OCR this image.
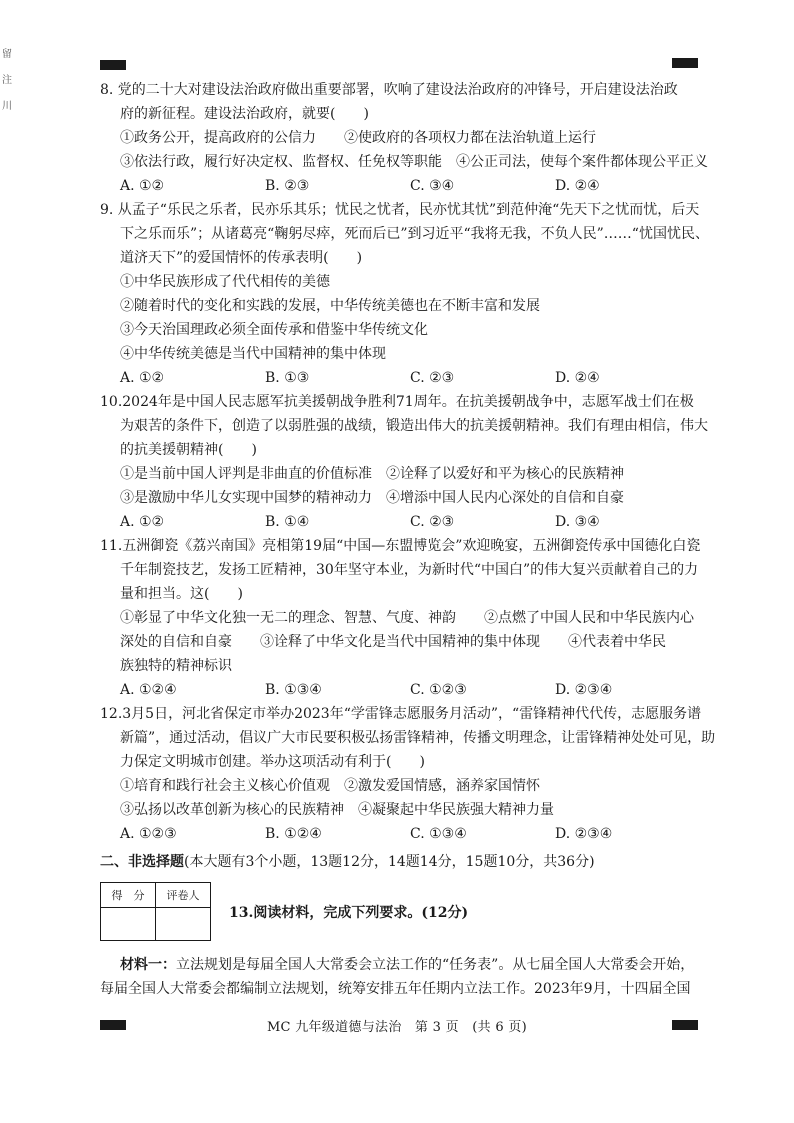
留
注
川
8. 党的二十大对建设法治政府做出重要部署，吹响了建设法治政府的冲锋号，开启建设法治政
府的新征程。建设法治政府，就要(　　)
①政务公开，提高政府的公信力　　②使政府的各项权力都在法治轨道上运行
③依法行政，履行好决定权、监督权、任免权等职能　④公正司法，使每个案件都体现公平正义
A. ①②	B. ②③	C. ③④	D. ②④
9. 从孟子“乐民之乐者，民亦乐其乐；忧民之忧者，民亦忧其忧”到范仲淹“先天下之忧而忧，后天
下之乐而乐”；从诸葛亮“鞠躬尽瘁，死而后已”到习近平“我将无我，不负人民”……“忧国忧民、
道济天下”的爱国情怀的传承表明(　　)
①中华民族形成了代代相传的美德
②随着时代的变化和实践的发展，中华传统美德也在不断丰富和发展
③今天治国理政必须全面传承和借鉴中华传统文化
④中华传统美德是当代中国精神的集中体现
A. ①②	B. ①③	C. ②③	D. ②④
10.2024年是中国人民志愿军抗美援朝战争胜利71周年。在抗美援朝战争中，志愿军战士们在极
为艰苦的条件下，创造了以弱胜强的战绩，锻造出伟大的抗美援朝精神。我们有理由相信，伟大
的抗美援朝精神(　　)
①是当前中国人评判是非曲直的价值标准　②诠释了以爱好和平为核心的民族精神
③是激励中华儿女实现中国梦的精神动力　④增添中国人民内心深处的自信和自豪
A. ①②	B. ①④	C. ②③	D. ③④
11.五洲御瓷《荔兴南国》亮相第19届“中国—东盟博览会”欢迎晚宴，五洲御瓷传承中国德化白瓷
千年制瓷技艺，发扬工匠精神，30年坚守本业，为新时代“中国白”的伟大复兴贡献着自己的力
量和担当。这(　　)
①彰显了中华文化独一无二的理念、智慧、气度、神韵　　②点燃了中国人民和中华民族内心
深处的自信和自豪　　③诠释了中华文化是当代中国精神的集中体现　　④代表着中华民
族独特的精神标识
A. ①②④	B. ①③④	C. ①②③	D. ②③④
12.3月5日，河北省保定市举办2023年“学雷锋志愿服务月活动”，“雷锋精神代代传，志愿服务谱
新篇”，通过活动，倡议广大市民要积极弘扬雷锋精神，传播文明理念，让雷锋精神处处可见，助
力保定文明城市创建。举办这项活动有利于(　　)
①培育和践行社会主义核心价值观　②激发爱国情感，涵养家国情怀
③弘扬以改革创新为核心的民族精神　④凝聚起中华民族强大精神力量
A. ①②③	B. ①②④	C. ①③④	D. ②③④
二、非选择题(本大题有3个小题，13题12分，14题14分，15题10分，共36分)
得　分	评卷人

13.阅读材料，完成下列要求。(12分)
材料一：立法规划是每届全国人大常委会立法工作的“任务表”。从七届全国人大常委会开始，
每届全国人大常委会都编制立法规划，统筹安排五年任期内立法工作。2023年9月，十四届全国
MC 九年级道德与法治　第 3 页　(共 6 页)
